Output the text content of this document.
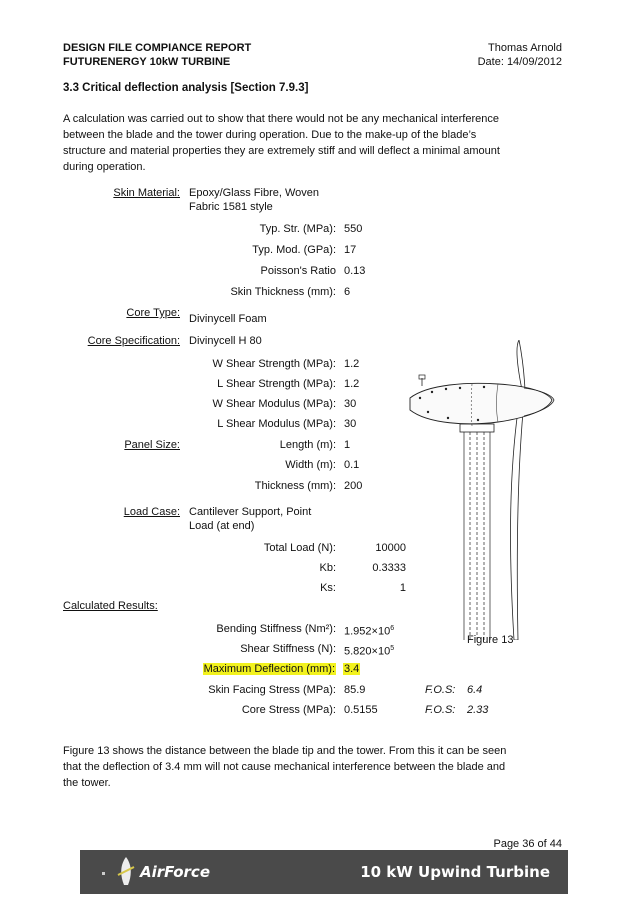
DESIGN FILE COMPIANCE REPORT
FUTURENERGY 10kW TURBINE
Thomas Arnold
Date: 14/09/2012
3.3 Critical deflection analysis [Section 7.9.3]
A calculation was carried out to show that there would not be any mechanical interference
between the blade and the tower during operation. Due to the make-up of the blade’s
structure and material properties they are extremely stiff and will deflect a minimal amount
during operation.
Skin Material: Epoxy/Glass Fibre, Woven
Fabric 1581 style
Typ. Str. (MPa): 550
Typ. Mod. (GPa): 17
Poisson's Ratio 0.13
Skin Thickness (mm): 6
Core Type: Divinycell Foam
Core Specification: Divinycell H 80
W Shear Strength (MPa): 1.2
L Shear Strength (MPa): 1.2
W Shear Modulus (MPa): 30
L Shear Modulus (MPa): 30
Panel Size:	Length (m): 1
Width (m): 0.1
Thickness (mm): 200
Load Case: Cantilever Support, Point
Load (at end)
Total Load (N):	10000
Kb:	0.3333
Ks:	1
Calculated Results:
Bending Stiffness (Nm²): $1.952\times 10^6$
Shear Stiffness (N): $5.820\times 10^5$
Maximum Deflection (mm): 3.4
Skin Facing Stress (MPa): 85.9	F.O.S: 6.4
Core Stress (MPa): 0.5155	F.O.S: 2.33
Figure 13
Figure 13 shows the distance between the blade tip and the tower. From this it can be seen
that the deflection of 3.4 mm will not cause mechanical interference between the blade and
the tower.
Page 36 of 44
AirForce	10 kW Upwind Turbine
